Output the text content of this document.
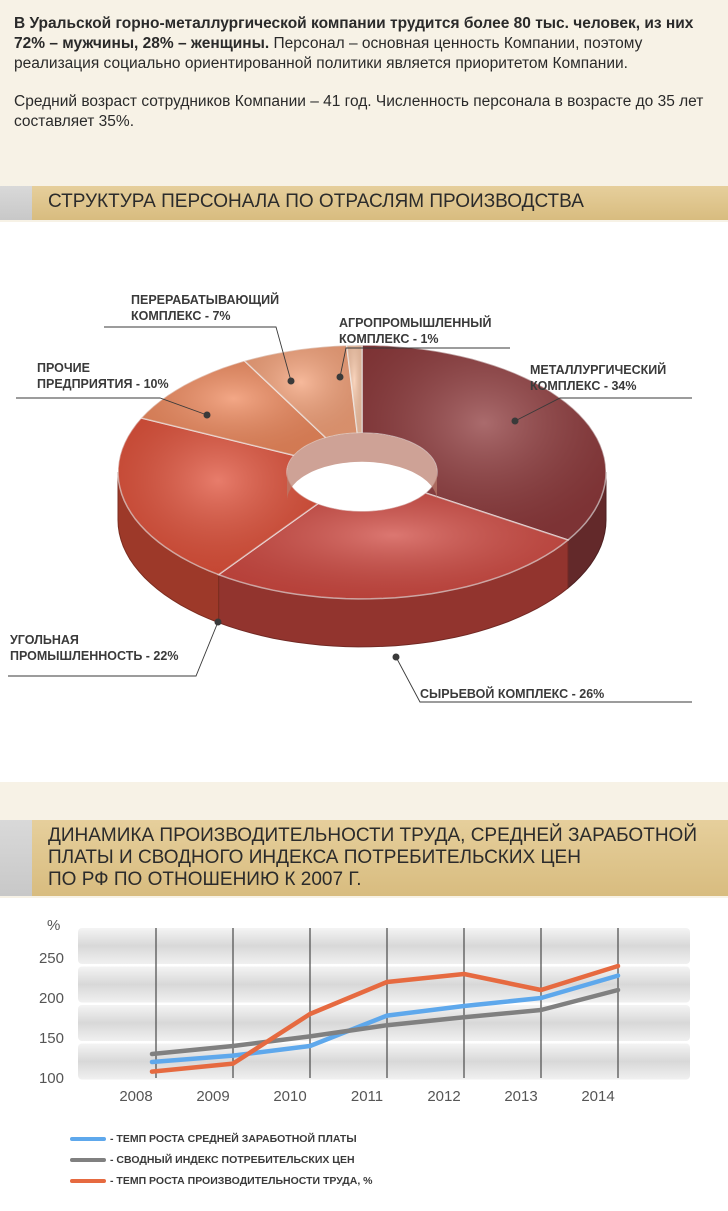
В Уральской горно-металлургической компании трудится более 80 тыс. человек, из них 72% – мужчины, 28% – женщины. Персонал – основная ценность Компании, поэтому реализация социально ориентированной политики является приоритетом Компании.

Средний возраст сотрудников Компании – 41 год. Численность персонала в возрасте до 35 лет составляет 35%.

СТРУКТУРА ПЕРСОНАЛА ПО ОТРАСЛЯМ ПРОИЗВОДСТВА
МЕТАЛЛУРГИЧЕСКИЙ
КОМПЛЕКС - 34%
СЫРЬЕВОЙ КОМПЛЕКС - 26%
УГОЛЬНАЯ
ПРОМЫШЛЕННОСТЬ - 22%
ПРОЧИЕ
ПРЕДПРИЯТИЯ - 10%
ПЕРЕРАБАТЫВАЮЩИЙ
КОМПЛЕКС - 7%	АГРОПРОМЫШЛЕННЫЙ
КОМПЛЕКС - 1%
ДИНАМИКА ПРОИЗВОДИТЕЛЬНОСТИ ТРУДА, СРЕДНЕЙ ЗАРАБОТНОЙ
ПЛАТЫ И СВОДНОГО ИНДЕКСА ПОТРЕБИТЕЛЬСКИХ ЦЕН
ПО РФ ПО ОТНОШЕНИЮ К 2007 Г.
%
100
150
200
250
2008	2009	2010	2011	2012	2013	2014
- ТЕМП РОСТА СРЕДНЕЙ ЗАРАБОТНОЙ ПЛАТЫ
- СВОДНЫЙ ИНДЕКС ПОТРЕБИТЕЛЬСКИХ ЦЕН
- ТЕМП РОСТА ПРОИЗВОДИТЕЛЬНОСТИ ТРУДА, %
